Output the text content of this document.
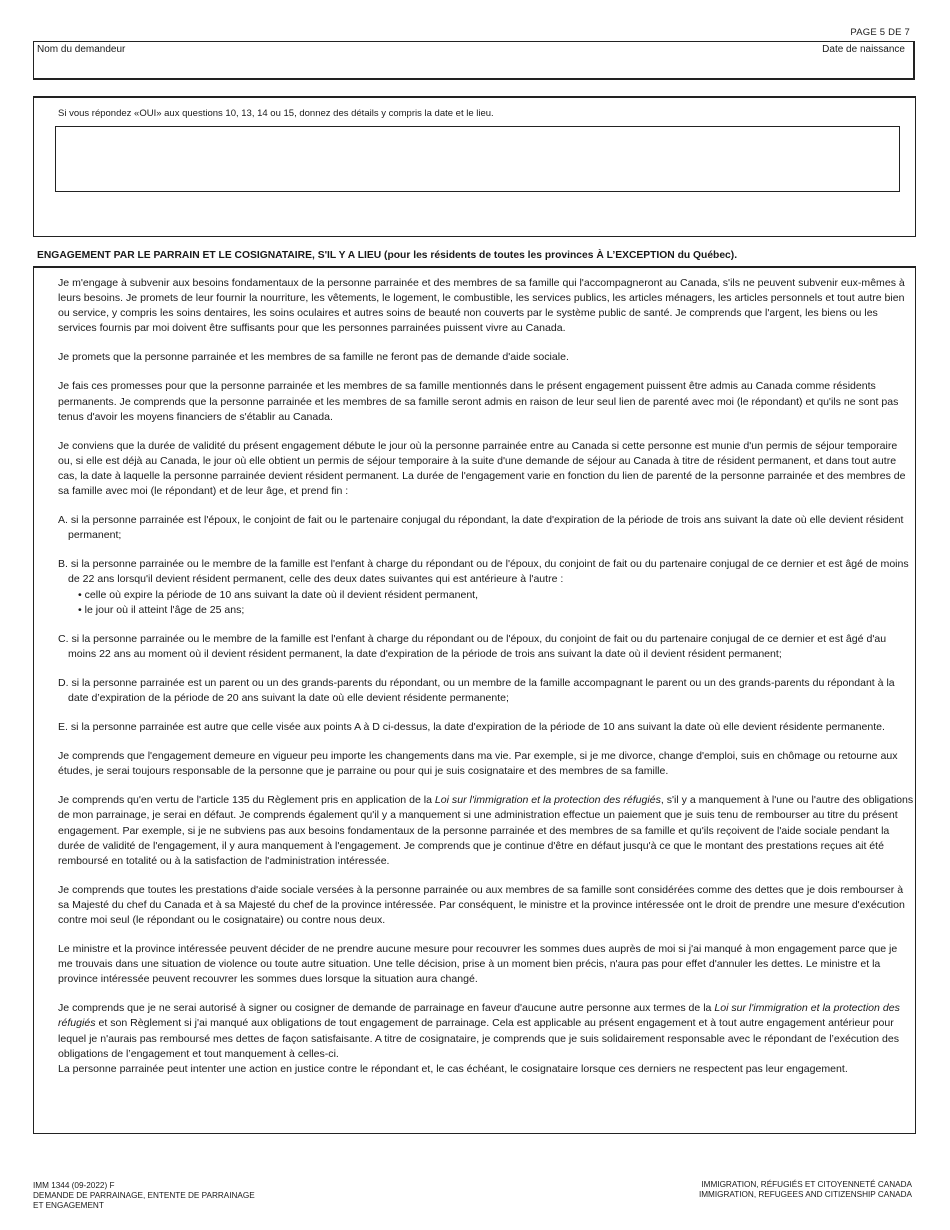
PAGE 5 DE 7
Nom du demandeur	Date de naissance
Si vous répondez «OUI» aux questions 10, 13, 14 ou 15, donnez des détails y compris la date et le lieu.
ENGAGEMENT PAR LE PARRAIN ET LE COSIGNATAIRE, S'IL Y A LIEU (pour les résidents de toutes les provinces À L’EXCEPTION du Québec).

Je m'engage à subvenir aux besoins fondamentaux de la personne parrainée et des membres de sa famille qui l'accompagneront au Canada, s'ils ne peuvent subvenir eux-mêmes à leurs besoins. Je promets de leur fournir la nourriture, les vêtements, le logement, le combustible, les services publics, les articles ménagers, les articles personnels et tout autre bien ou service, y compris les soins dentaires, les soins oculaires et autres soins de beauté non couverts par le système public de santé. Je comprends que l'argent, les biens ou les services fournis par moi doivent être suffisants pour que les personnes parrainées puissent vivre au Canada.

Je promets que la personne parrainée et les membres de sa famille ne feront pas de demande d'aide sociale.

Je fais ces promesses pour que la personne parrainée et les membres de sa famille mentionnés dans le présent engagement puissent être admis au Canada comme résidents permanents. Je comprends que la personne parrainée et les membres de sa famille seront admis en raison de leur seul lien de parenté avec moi (le répondant) et qu'ils ne sont pas tenus d'avoir les moyens financiers de s'établir au Canada.

Je conviens que la durée de validité du présent engagement débute le jour où la personne parrainée entre au Canada si cette personne est munie d'un permis de séjour temporaire ou, si elle est déjà au Canada, le jour où elle obtient un permis de séjour temporaire à la suite d'une demande de séjour au Canada à titre de résident permanent, et dans tout autre cas, la date à laquelle la personne parrainée devient résident permanent. La durée de l'engagement varie en fonction du lien de parenté de la personne parrainée et des membres de sa famille avec moi (le répondant) et de leur âge, et prend fin :

A. si la personne parrainée est l'époux, le conjoint de fait ou le partenaire conjugal du répondant, la date d'expiration de la période de trois ans suivant la date où elle devient résident permanent;

B. si la personne parrainée ou le membre de la famille est l'enfant à charge du répondant ou de l'époux, du conjoint de fait ou du partenaire conjugal de ce dernier et est âgé de moins de 22 ans lorsqu'il devient résident permanent, celle des deux dates suivantes qui est antérieure à l'autre :
• celle où expire la période de 10 ans suivant la date où il devient résident permanent,
• le jour où il atteint l'âge de 25 ans;

C. si la personne parrainée ou le membre de la famille est l'enfant à charge du répondant ou de l'époux, du conjoint de fait ou du partenaire conjugal de ce dernier et est âgé d'au moins 22 ans au moment où il devient résident permanent, la date d'expiration de la période de trois ans suivant la date où il devient résident permanent;

D. si la personne parrainée est un parent ou un des grands-parents du répondant, ou un membre de la famille accompagnant le parent ou un des grands-parents du répondant à la date d’expiration de la période de 20 ans suivant la date où elle devient résidente permanente;

E. si la personne parrainée est autre que celle visée aux points A à D ci-dessus, la date d'expiration de la période de 10 ans suivant la date où elle devient résidente permanente.

Je comprends que l'engagement demeure en vigueur peu importe les changements dans ma vie. Par exemple, si je me divorce, change d'emploi, suis en chômage ou retourne aux études, je serai toujours responsable de la personne que je parraine ou pour qui je suis cosignataire et des membres de sa famille.

Je comprends qu'en vertu de l'article 135 du Règlement pris en application de la Loi sur l'immigration et la protection des réfugiés, s'il y a manquement à l'une ou l'autre des obligations de mon parrainage, je serai en défaut. Je comprends également qu'il y a manquement si une administration effectue un paiement que je suis tenu de rembourser au titre du présent engagement. Par exemple, si je ne subviens pas aux besoins fondamentaux de la personne parrainée et des membres de sa famille et qu'ils reçoivent de l'aide sociale pendant la durée de validité de l'engagement, il y aura manquement à l'engagement. Je comprends que je continue d'être en défaut jusqu'à ce que le montant des prestations reçues ait été remboursé en totalité ou à la satisfaction de l'administration intéressée.

Je comprends que toutes les prestations d'aide sociale versées à la personne parrainée ou aux membres de sa famille sont considérées comme des dettes que je dois rembourser à sa Majesté du chef du Canada et à sa Majesté du chef de la province intéressée. Par conséquent, le ministre et la province intéressée ont le droit de prendre une mesure d'exécution contre moi seul (le répondant ou le cosignataire) ou contre nous deux.

Le ministre et la province intéressée peuvent décider de ne prendre aucune mesure pour recouvrer les sommes dues auprès de moi si j'ai manqué à mon engagement parce que je me trouvais dans une situation de violence ou toute autre situation. Une telle décision, prise à un moment bien précis, n'aura pas pour effet d'annuler les dettes. Le ministre et la province intéressée peuvent recouvrer les sommes dues lorsque la situation aura changé.

Je comprends que je ne serai autorisé à signer ou cosigner de demande de parrainage en faveur d'aucune autre personne aux termes de la Loi sur l'immigration et la protection des réfugiés et son Règlement si j'ai manqué aux obligations de tout engagement de parrainage. Cela est applicable au présent engagement et à tout autre engagement antérieur pour lequel je n'aurais pas remboursé mes dettes de façon satisfaisante. A titre de cosignataire, je comprends que je suis solidairement responsable avec le répondant de l’exécution des obligations de l’engagement et tout manquement à celles-ci.
La personne parrainée peut intenter une action en justice contre le répondant et, le cas échéant, le cosignataire lorsque ces derniers ne respectent pas leur engagement.

IMM 1344 (09-2022) F
DEMANDE DE PARRAINAGE, ENTENTE DE PARRAINAGE
ET ENGAGEMENT
IMMIGRATION, RÉFUGIÉS ET CITOYENNETÉ CANADA
IMMIGRATION, REFUGEES AND CITIZENSHIP CANADA
